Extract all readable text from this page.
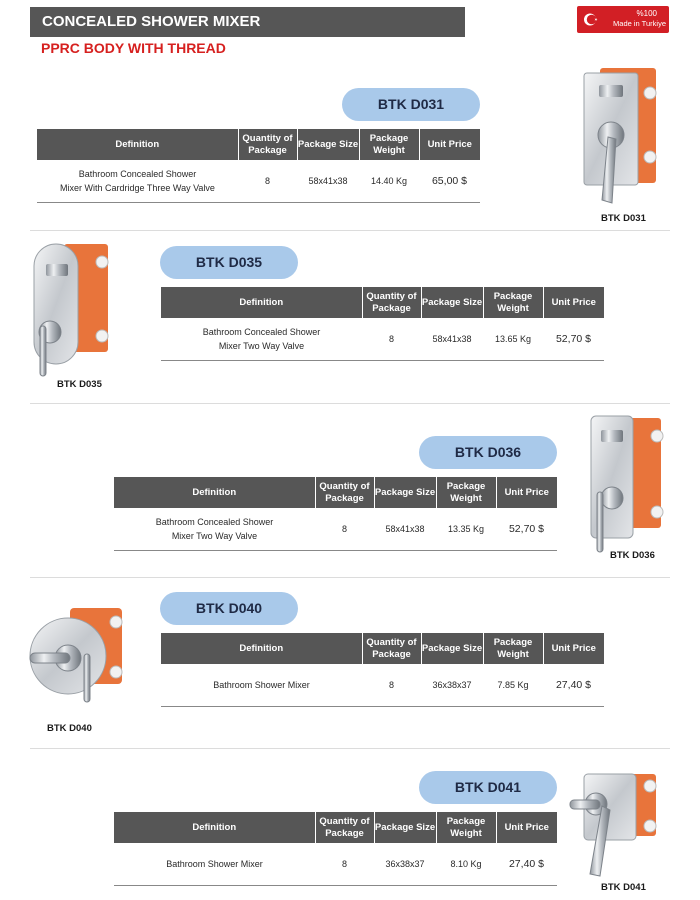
CONCEALED SHOWER MIXER
PPRC BODY WITH THREAD
%100
Made in Turkiye
BTK D031
Definition	Quantity of Package	Package Size	Package Weight	Unit Price
Bathroom Concealed Shower
Mixer With Cardridge Three Way Valve	8	58x41x38	14.40 Kg	65,00 $
BTK D031
BTK D035
Definition	Quantity of Package	Package Size	Package Weight	Unit Price
Bathroom Concealed Shower
Mixer Two Way Valve	8	58x41x38	13.65 Kg	52,70 $
BTK D035
BTK D036
Definition	Quantity of Package	Package Size	Package Weight	Unit Price
Bathroom Concealed Shower
Mixer Two Way Valve	8	58x41x38	13.35 Kg	52,70 $
BTK D036
BTK D040
Definition	Quantity of Package	Package Size	Package Weight	Unit Price
Bathroom Shower Mixer	8	36x38x37	7.85 Kg	27,40 $
BTK D040
BTK D041
Definition	Quantity of Package	Package Size	Package Weight	Unit Price
Bathroom Shower Mixer	8	36x38x37	8.10 Kg	27,40 $
BTK D041
